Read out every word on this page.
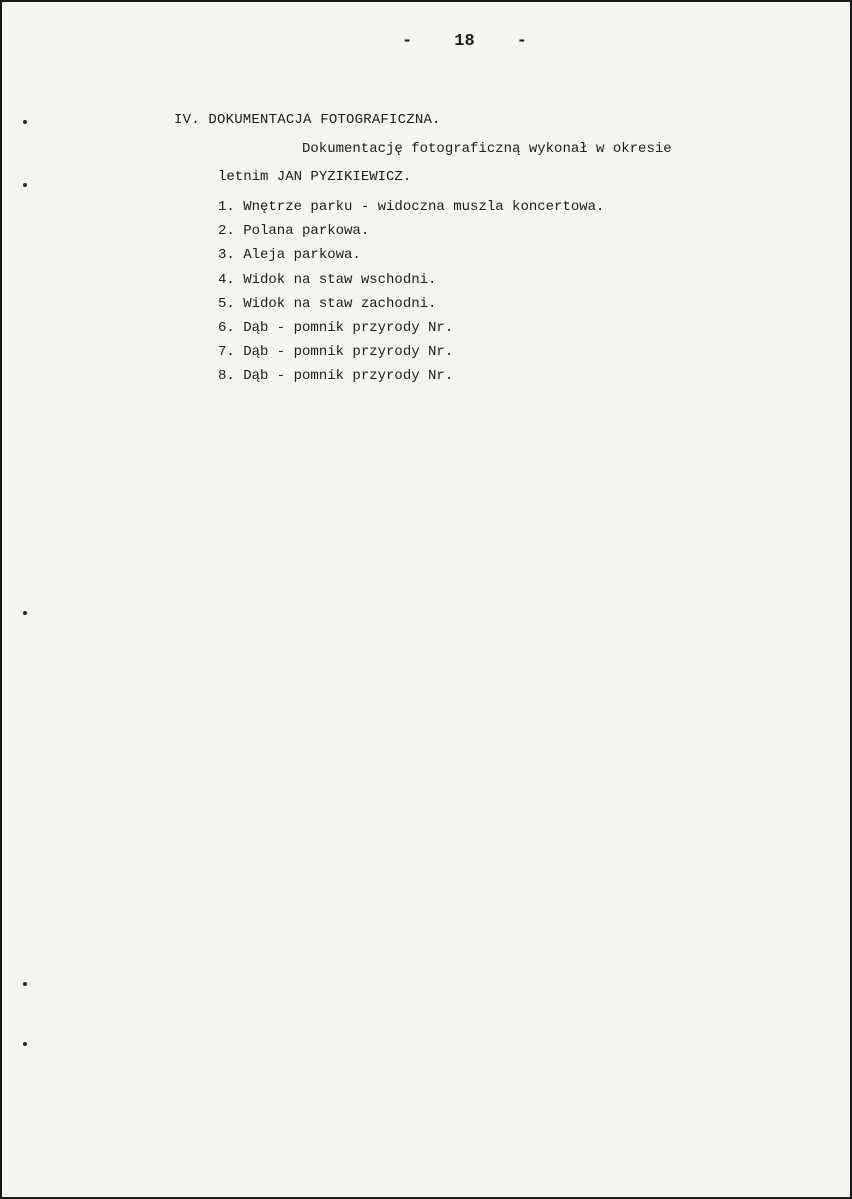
- 18 -
IV. DOKUMENTACJA FOTOGRAFICZNA.
Dokumentację fotograficzną wykonał w okresie
letnim JAN PYZIKIEWICZ.
1. Wnętrze parku - widoczna muszla koncertowa.
2. Polana parkowa.
3. Aleja parkowa.
4. Widok na staw wschodni.
5. Widok na staw zachodni.
6. Dąb - pomnik przyrody Nr.
7. Dąb - pomnik przyrody Nr.
8. Dąb - pomnik przyrody Nr.
